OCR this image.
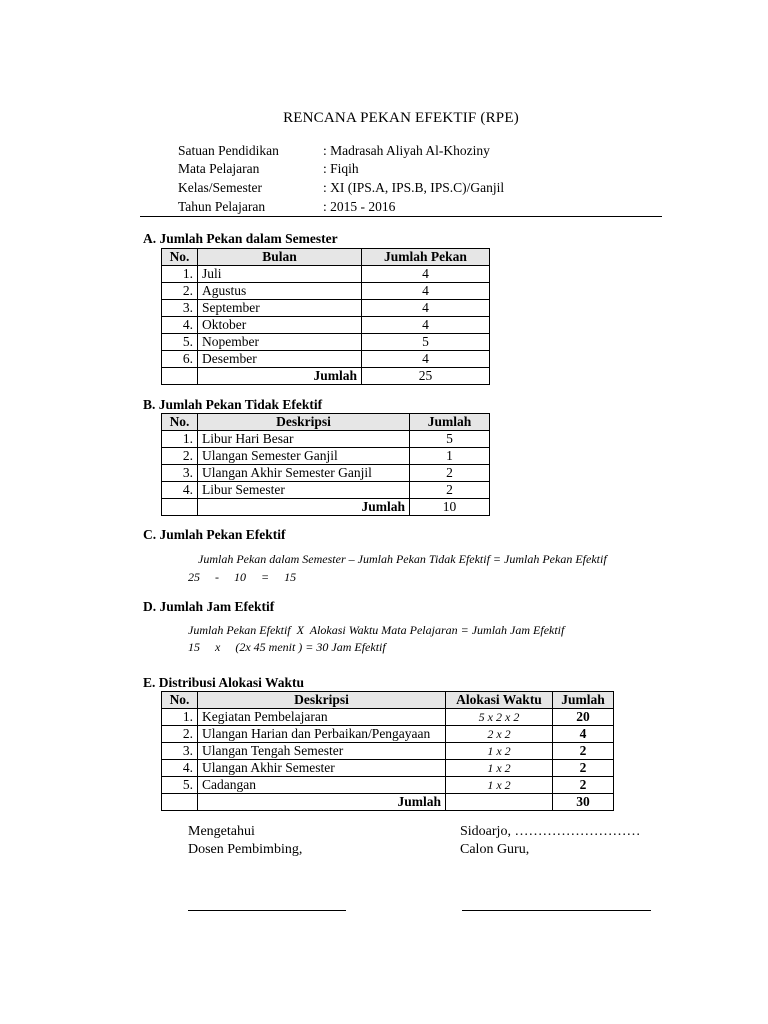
RENCANA PEKAN EFEKTIF (RPE)
Satuan Pendidikan	: Madrasah Aliyah Al-Khoziny
Mata Pelajaran	: Fiqih
Kelas/Semester	: XI (IPS.A, IPS.B, IPS.C)/Ganjil
Tahun Pelajaran	: 2015 - 2016
A. Jumlah Pekan dalam Semester
No.	Bulan	Jumlah Pekan
1.	Juli	4
2.	Agustus	4
3.	September	4
4.	Oktober	4
5.	Nopember	5
6.	Desember	4
	Jumlah	25
B. Jumlah Pekan Tidak Efektif
No.	Deskripsi	Jumlah
1.	Libur Hari Besar	5
2.	Ulangan Semester Ganjil	1
3.	Ulangan Akhir Semester Ganjil	2
4.	Libur Semester	2
	Jumlah	10
C. Jumlah Pekan Efektif
Jumlah Pekan dalam Semester – Jumlah Pekan Tidak Efektif = Jumlah Pekan Efektif
25     -     10     =     15
D. Jumlah Jam Efektif
Jumlah Pekan Efektif  X  Alokasi Waktu Mata Pelajaran = Jumlah Jam Efektif
15     x     (2x 45 menit ) = 30 Jam Efektif
E. Distribusi Alokasi Waktu
No.	Deskripsi	Alokasi Waktu	Jumlah
1.	Kegiatan Pembelajaran	5 x 2 x 2	20
2.	Ulangan Harian dan Perbaikan/Pengayaan	2 x 2	4
3.	Ulangan Tengah Semester	1 x 2	2
4.	Ulangan Akhir Semester	1 x 2	2
5.	Cadangan	1 x 2	2
	Jumlah		30
Mengetahui
Dosen Pembimbing,
Sidoarjo, ………………………
Calon Guru,
